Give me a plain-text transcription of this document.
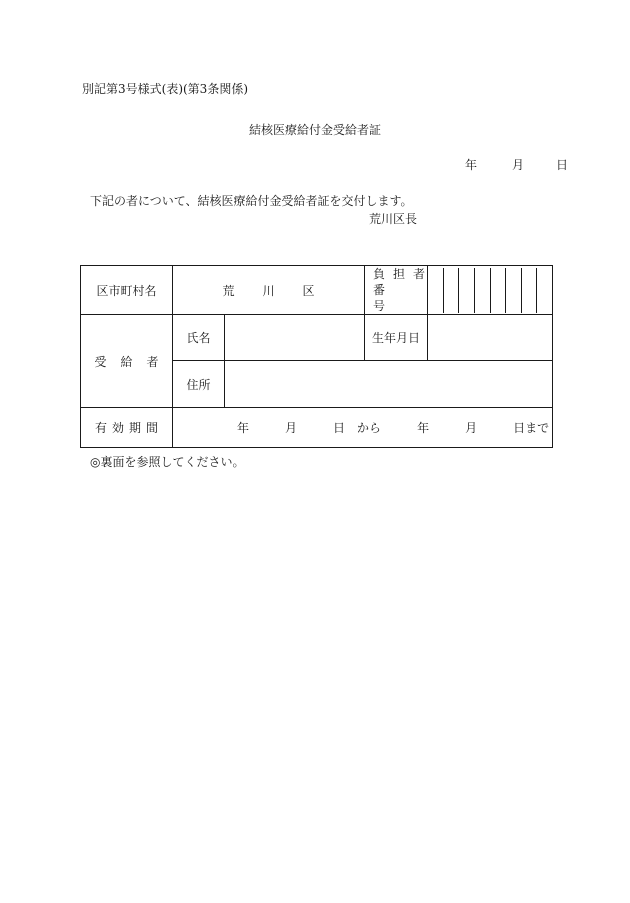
別記第3号様式(表)(第3条関係)
結核医療給付金受給者証
年	月	日
下記の者について、結核医療給付金受給者証を交付します。
荒川区長
区市町村名	荒 川 区		負 担 者
番号	

受 給 者	氏名		生年月日	
	住所			
有 効 期 間	年 月 日 から 年 月 日まで			
◎裏面を参照してください。
